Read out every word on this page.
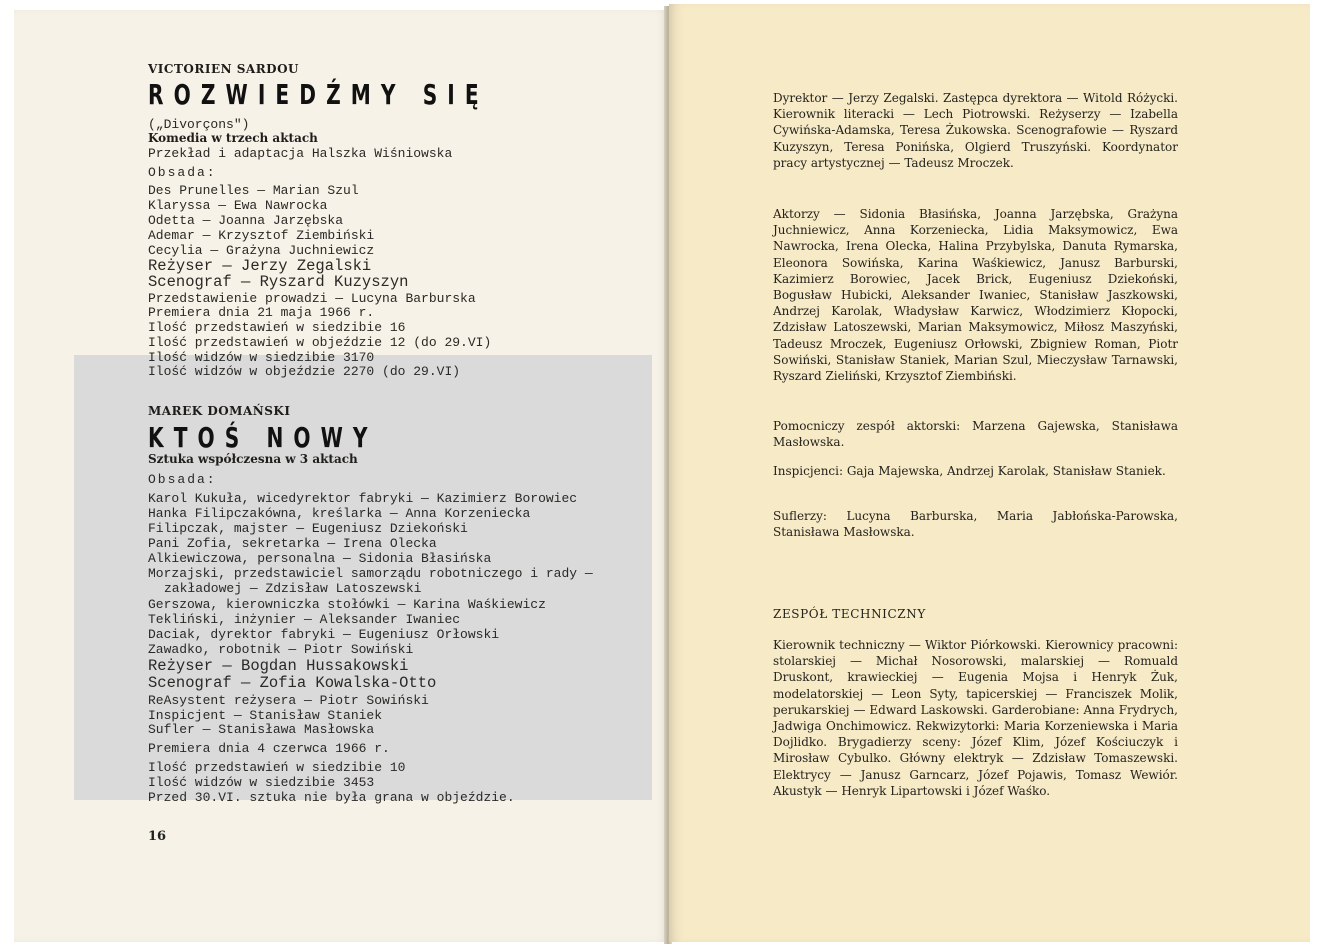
VICTORIEN SARDOU
ROZWIEDŹMY SIĘ
(„Divorçons")
Komedia w trzech aktach
Przekład i adaptacja Halszka Wiśniowska
Obsada:
Des Prunelles — Marian Szul
Klaryssa — Ewa Nawrocka
Odetta — Joanna Jarzębska
Ademar — Krzysztof Ziembiński
Cecylia — Grażyna Juchniewicz
Reżyser — Jerzy Zegalski
Scenograf — Ryszard Kuzyszyn
Przedstawienie prowadzi — Lucyna Barburska
Premiera dnia 21 maja 1966 r.
Ilość przedstawień w siedzibie 16
Ilość przedstawień w objeździe 12 (do 29.VI)
Ilość widzów w siedzibie 3170
Ilość widzów w objeździe 2270 (do 29.VI)
MAREK DOMAŃSKI
KTOŚ NOWY
Sztuka współczesna w 3 aktach
Obsada:
Karol Kukuła, wicedyrektor fabryki — Kazimierz Borowiec
Hanka Filipczakówna, kreślarka — Anna Korzeniecka
Filipczak, majster — Eugeniusz Dziekoński
Pani Zofia, sekretarka — Irena Olecka
Alkiewiczowa, personalna — Sidonia Błasińska
Morzajski, przedstawiciel samorządu robotniczego i rady —
zakładowej — Zdzisław Latoszewski
Gerszowa, kierowniczka stołówki — Karina Waśkiewicz
Tekliński, inżynier — Aleksander Iwaniec
Daciak, dyrektor fabryki — Eugeniusz Orłowski
Zawadko, robotnik — Piotr Sowiński
Reżyser — Bogdan Hussakowski
Scenograf — Zofia Kowalska-Otto
ReAsystent reżysera — Piotr Sowiński
Inspicjent — Stanisław Staniek
Sufler — Stanisława Masłowska
Premiera dnia 4 czerwca 1966 r.
Ilość przedstawień w siedzibie 10
Ilość widzów w siedzibie 3453
Przed 30.VI. sztuka nie była grana w objeździe.
16
Dyrektor — Jerzy Zegalski. Zastępca dyrektora — Witold Różycki. Kierownik literacki — Lech Piotrowski. Reżyserzy — Izabella Cywińska-Adamska, Teresa Żukowska. Scenografowie — Ryszard Kuzyszyn, Teresa Ponińska, Olgierd Truszyński. Koordynator pracy artystycznej — Tadeusz Mroczek.
Aktorzy — Sidonia Błasińska, Joanna Jarzębska, Grażyna Juchniewicz, Anna Korzeniecka, Lidia Maksymowicz, Ewa Nawrocka, Irena Olecka, Halina Przybylska, Danuta Rymarska, Eleonora Sowińska, Karina Waśkiewicz, Janusz Barburski, Kazimierz Borowiec, Jacek Brick, Eugeniusz Dziekoński, Bogusław Hubicki, Aleksander Iwaniec, Stanisław Jaszkowski, Andrzej Karolak, Władysław Karwicz, Włodzimierz Kłopocki, Zdzisław Latoszewski, Marian Maksymowicz, Miłosz Maszyński, Tadeusz Mroczek, Eugeniusz Orłowski, Zbigniew Roman, Piotr Sowiński, Stanisław Staniek, Marian Szul, Mieczysław Tarnawski, Ryszard Zieliński, Krzysztof Ziembiński.
Pomocniczy zespół aktorski: Marzena Gajewska, Stanisława Masłowska.
Inspicjenci: Gaja Majewska, Andrzej Karolak, Stanisław Staniek.
Suflerzy: Lucyna Barburska, Maria Jabłońska-Parowska, Stanisława Masłowska.
ZESPÓŁ TECHNICZNY
Kierownik techniczny — Wiktor Piórkowski. Kierownicy pracowni: stolarskiej — Michał Nosorowski, malarskiej — Romuald Druskont, krawieckiej — Eugenia Mojsa i Henryk Żuk, modelatorskiej — Leon Syty, tapicerskiej — Franciszek Molik, perukarskiej — Edward Laskowski. Garderobiane: Anna Frydrych, Jadwiga Onchimowicz. Rekwizytorki: Maria Korzeniewska i Maria Dojlidko. Brygadierzy sceny: Józef Klim, Józef Kościuczyk i Mirosław Cybulko. Główny elektryk — Zdzisław Tomaszewski. Elektrycy — Janusz Garncarz, Józef Pojawis, Tomasz Wewiór. Akustyk — Henryk Lipartowski i Józef Waśko.
